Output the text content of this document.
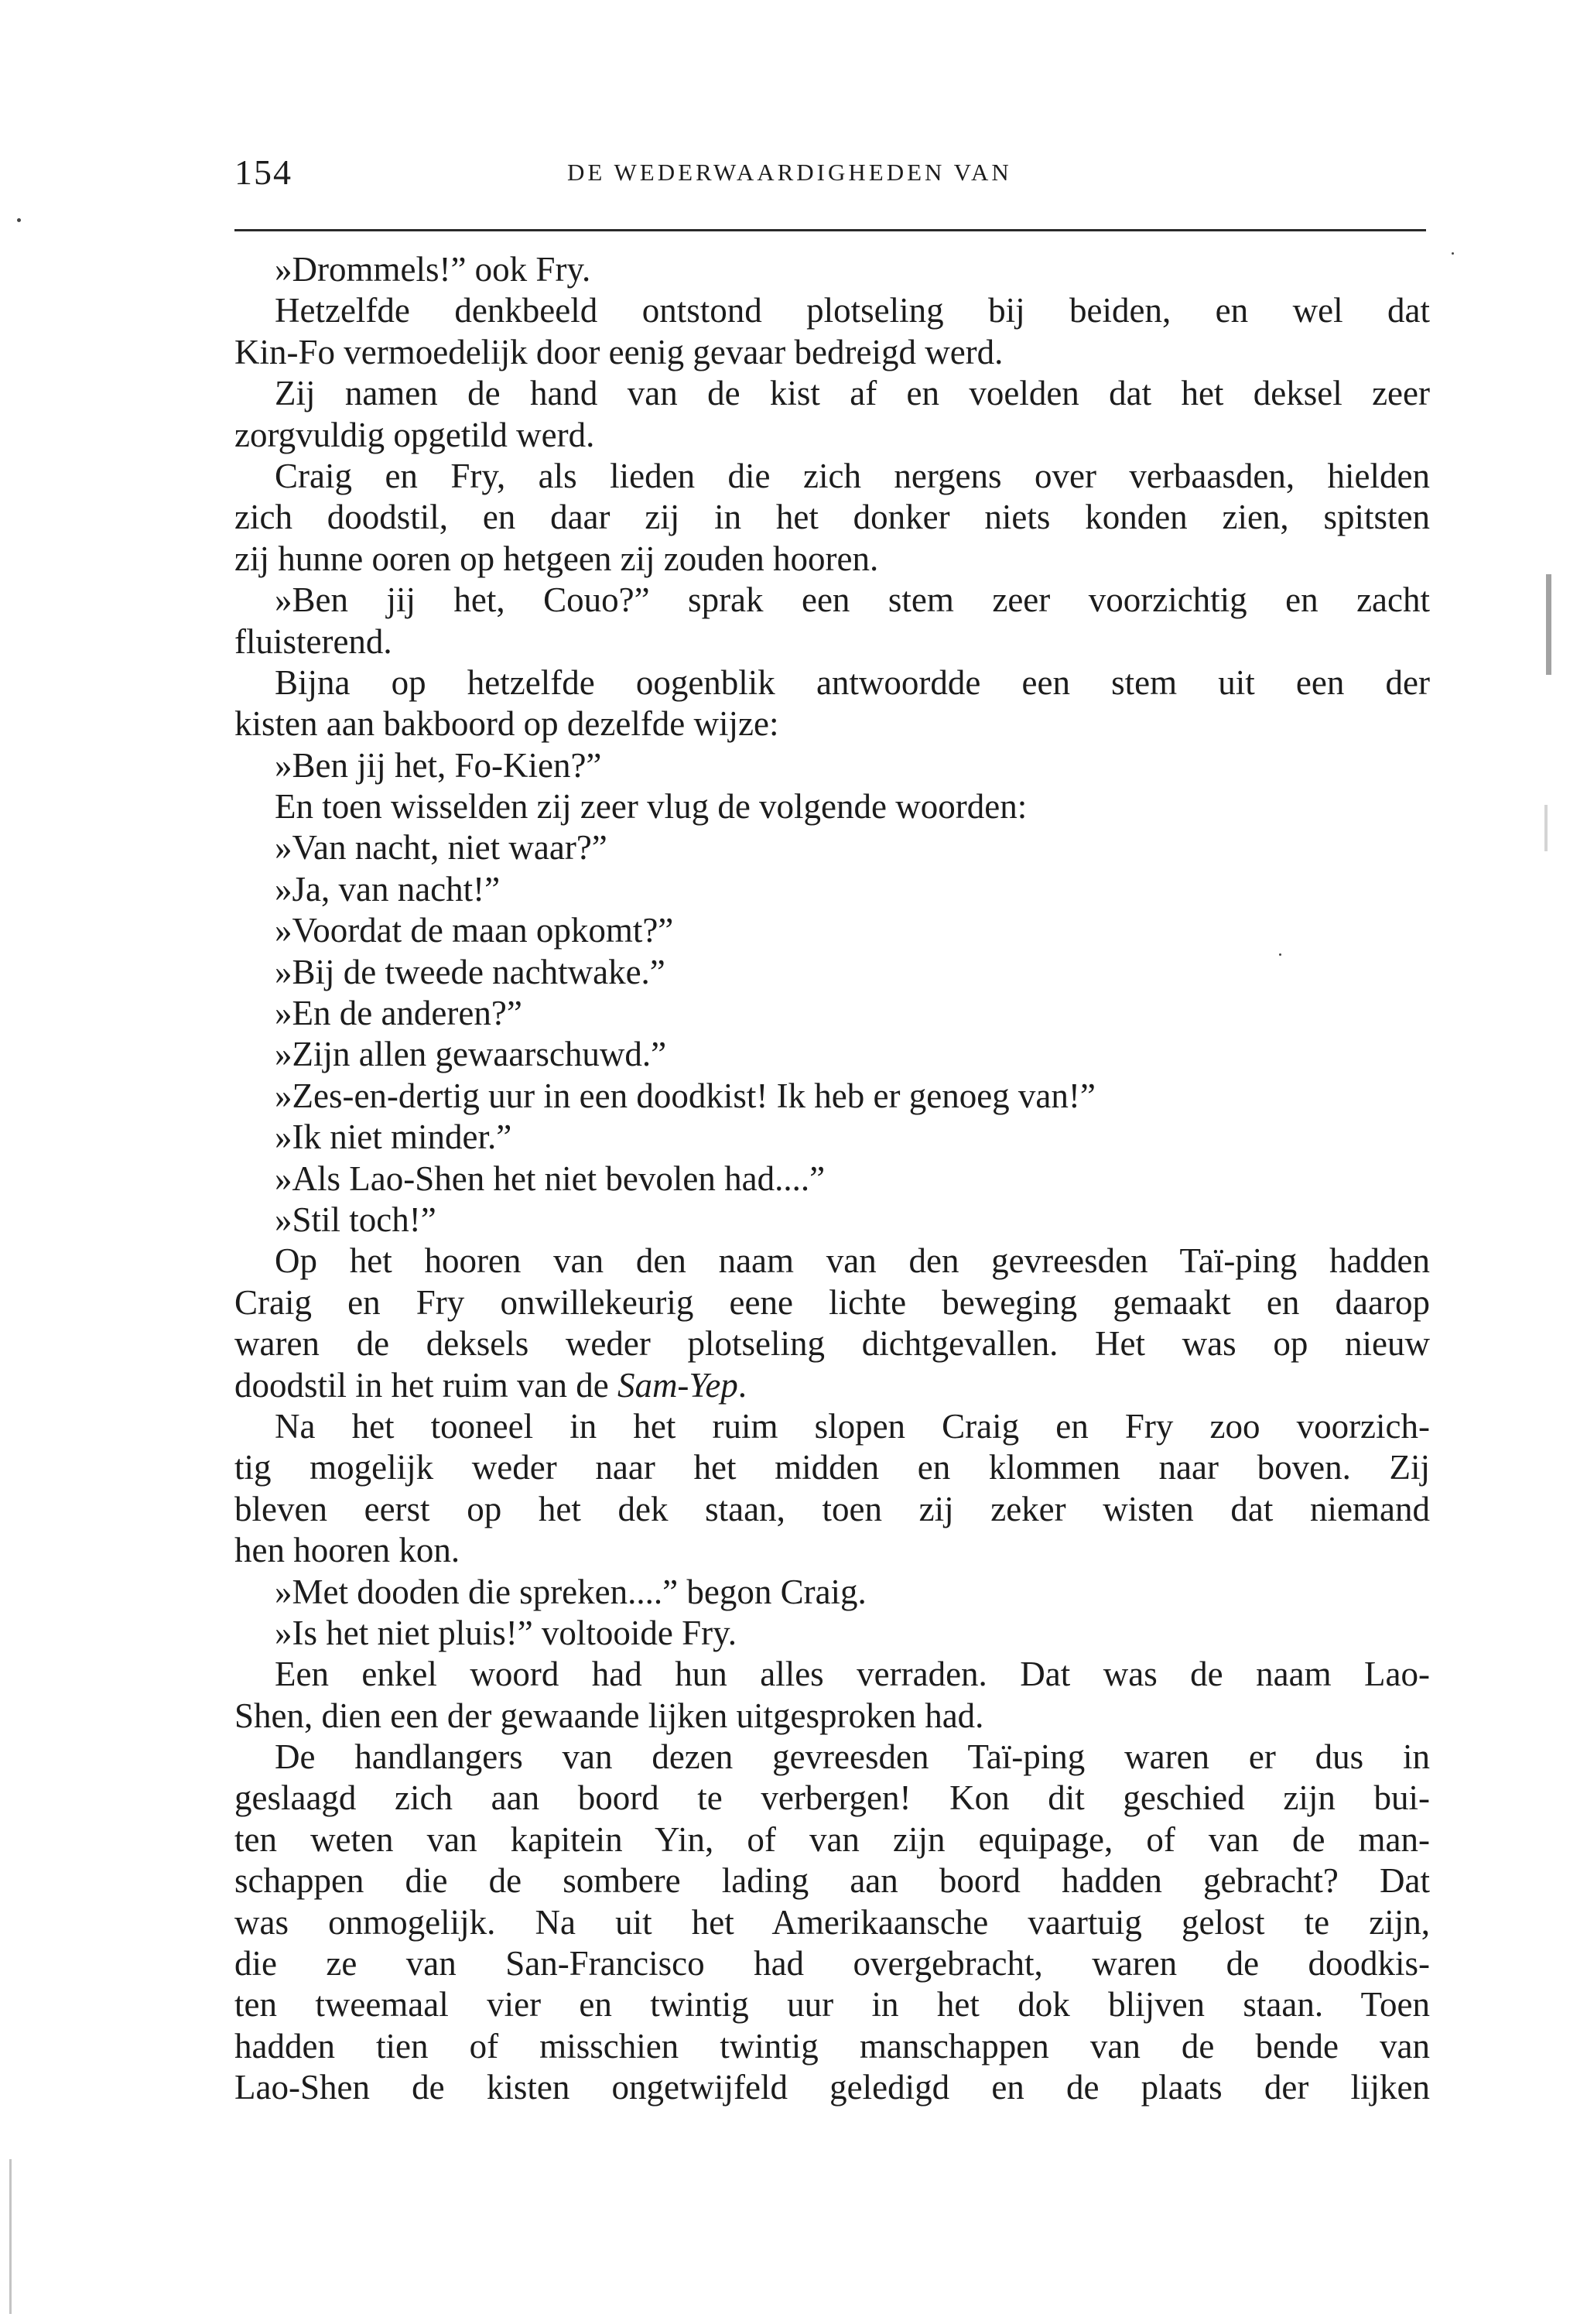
154	DE WEDERWAARDIGHEDEN VAN
»Drommels!” ook Fry.
Hetzelfde denkbeeld ontstond plotseling bij beiden, en wel dat
Kin-Fo vermoedelijk door eenig gevaar bedreigd werd.
Zij namen de hand van de kist af en voelden dat het deksel zeer
zorgvuldig opgetild werd.
Craig en Fry, als lieden die zich nergens over verbaasden, hielden
zich doodstil, en daar zij in het donker niets konden zien, spitsten
zij hunne ooren op hetgeen zij zouden hooren.
»Ben jij het, Couo?” sprak een stem zeer voorzichtig en zacht
fluisterend.
Bijna op hetzelfde oogenblik antwoordde een stem uit een der
kisten aan bakboord op dezelfde wijze:
»Ben jij het, Fo-Kien?”
En toen wisselden zij zeer vlug de volgende woorden:
»Van nacht, niet waar?”
»Ja, van nacht!”
»Voordat de maan opkomt?”
»Bij de tweede nachtwake.”
»En de anderen?”
»Zijn allen gewaarschuwd.”
»Zes-en-dertig uur in een doodkist! Ik heb er genoeg van!”
»Ik niet minder.”
»Als Lao-Shen het niet bevolen had....”
»Stil toch!”
Op het hooren van den naam van den gevreesden Taï-ping hadden
Craig en Fry onwillekeurig eene lichte beweging gemaakt en daarop
waren de deksels weder plotseling dichtgevallen. Het was op nieuw
doodstil in het ruim van de Sam-Yep.
Na het tooneel in het ruim slopen Craig en Fry zoo voorzich-
tig mogelijk weder naar het midden en klommen naar boven. Zij
bleven eerst op het dek staan, toen zij zeker wisten dat niemand
hen hooren kon.
»Met dooden die spreken....” begon Craig.
»Is het niet pluis!” voltooide Fry.
Een enkel woord had hun alles verraden. Dat was de naam Lao-
Shen, dien een der gewaande lijken uitgesproken had.
De handlangers van dezen gevreesden Taï-ping waren er dus in
geslaagd zich aan boord te verbergen! Kon dit geschied zijn bui-
ten weten van kapitein Yin, of van zijn equipage, of van de man-
schappen die de sombere lading aan boord hadden gebracht? Dat
was onmogelijk. Na uit het Amerikaansche vaartuig gelost te zijn,
die ze van San-Francisco had overgebracht, waren de doodkis-
ten tweemaal vier en twintig uur in het dok blijven staan. Toen
hadden tien of misschien twintig manschappen van de bende van
Lao-Shen de kisten ongetwijfeld geledigd en de plaats der lijken
